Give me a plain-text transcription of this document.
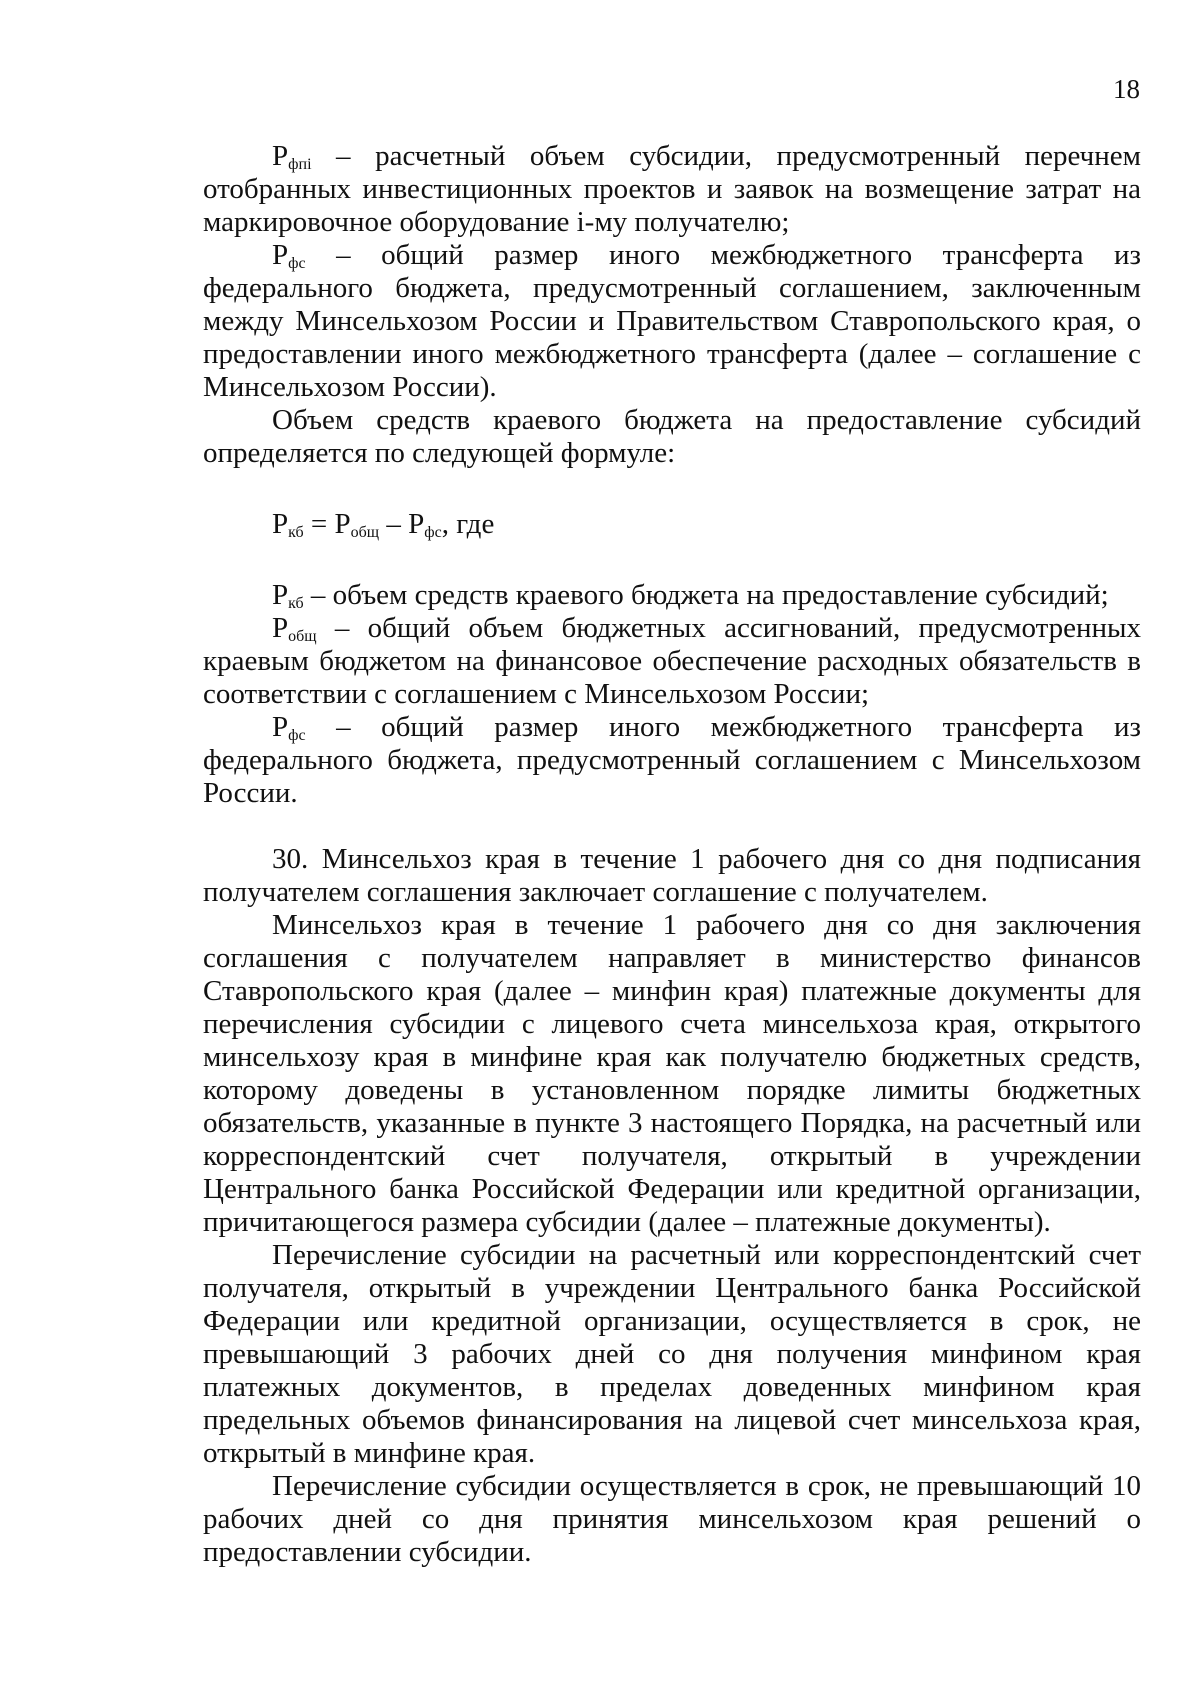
18

$Р_{фпi}$ – расчетный объем субсидии, предусмотренный перечнем отобранных инвестиционных проектов и заявок на возмещение затрат на маркировочное оборудование i-му получателю;

$Р_{фс}$ – общий размер иного межбюджетного трансферта из федерального бюджета, предусмотренный соглашением, заключенным между Минсельхозом России и Правительством Ставропольского края, о предоставлении иного межбюджетного трансферта (далее – соглашение с Минсельхозом России).

Объем средств краевого бюджета на предоставление субсидий определяется по следующей формуле:

$Р_{кб} = Р_{общ} - Р_{фс}$, где

$Р_{кб}$ – объем средств краевого бюджета на предоставление субсидий;

$Р_{общ}$ – общий объем бюджетных ассигнований, предусмотренных краевым бюджетом на финансовое обеспечение расходных обязательств в соответствии с соглашением с Минсельхозом России;

$Р_{фс}$ – общий размер иного межбюджетного трансферта из федерального бюджета, предусмотренный соглашением с Минсельхозом России.

30. Минсельхоз края в течение 1 рабочего дня со дня подписания получателем соглашения заключает соглашение с получателем.

Минсельхоз края в течение 1 рабочего дня со дня заключения соглашения с получателем направляет в министерство финансов Ставропольского края (далее – минфин края) платежные документы для перечисления субсидии с лицевого счета минсельхоза края, открытого минсельхозу края в минфине края как получателю бюджетных средств, которому доведены в установленном порядке лимиты бюджетных обязательств, указанные в пункте 3 настоящего Порядка, на расчетный или корреспондентский счет получателя, открытый в учреждении Центрального банка Российской Федерации или кредитной организации, причитающегося размера субсидии (далее – платежные документы).

Перечисление субсидии на расчетный или корреспондентский счет получателя, открытый в учреждении Центрального банка Российской Федерации или кредитной организации, осуществляется в срок, не превышающий 3 рабочих дней со дня получения минфином края платежных документов, в пределах доведенных минфином края предельных объемов финансирования на лицевой счет минсельхоза края, открытый в минфине края.

Перечисление субсидии осуществляется в срок, не превышающий 10 рабочих дней со дня принятия минсельхозом края решений о предоставлении субсидии.
